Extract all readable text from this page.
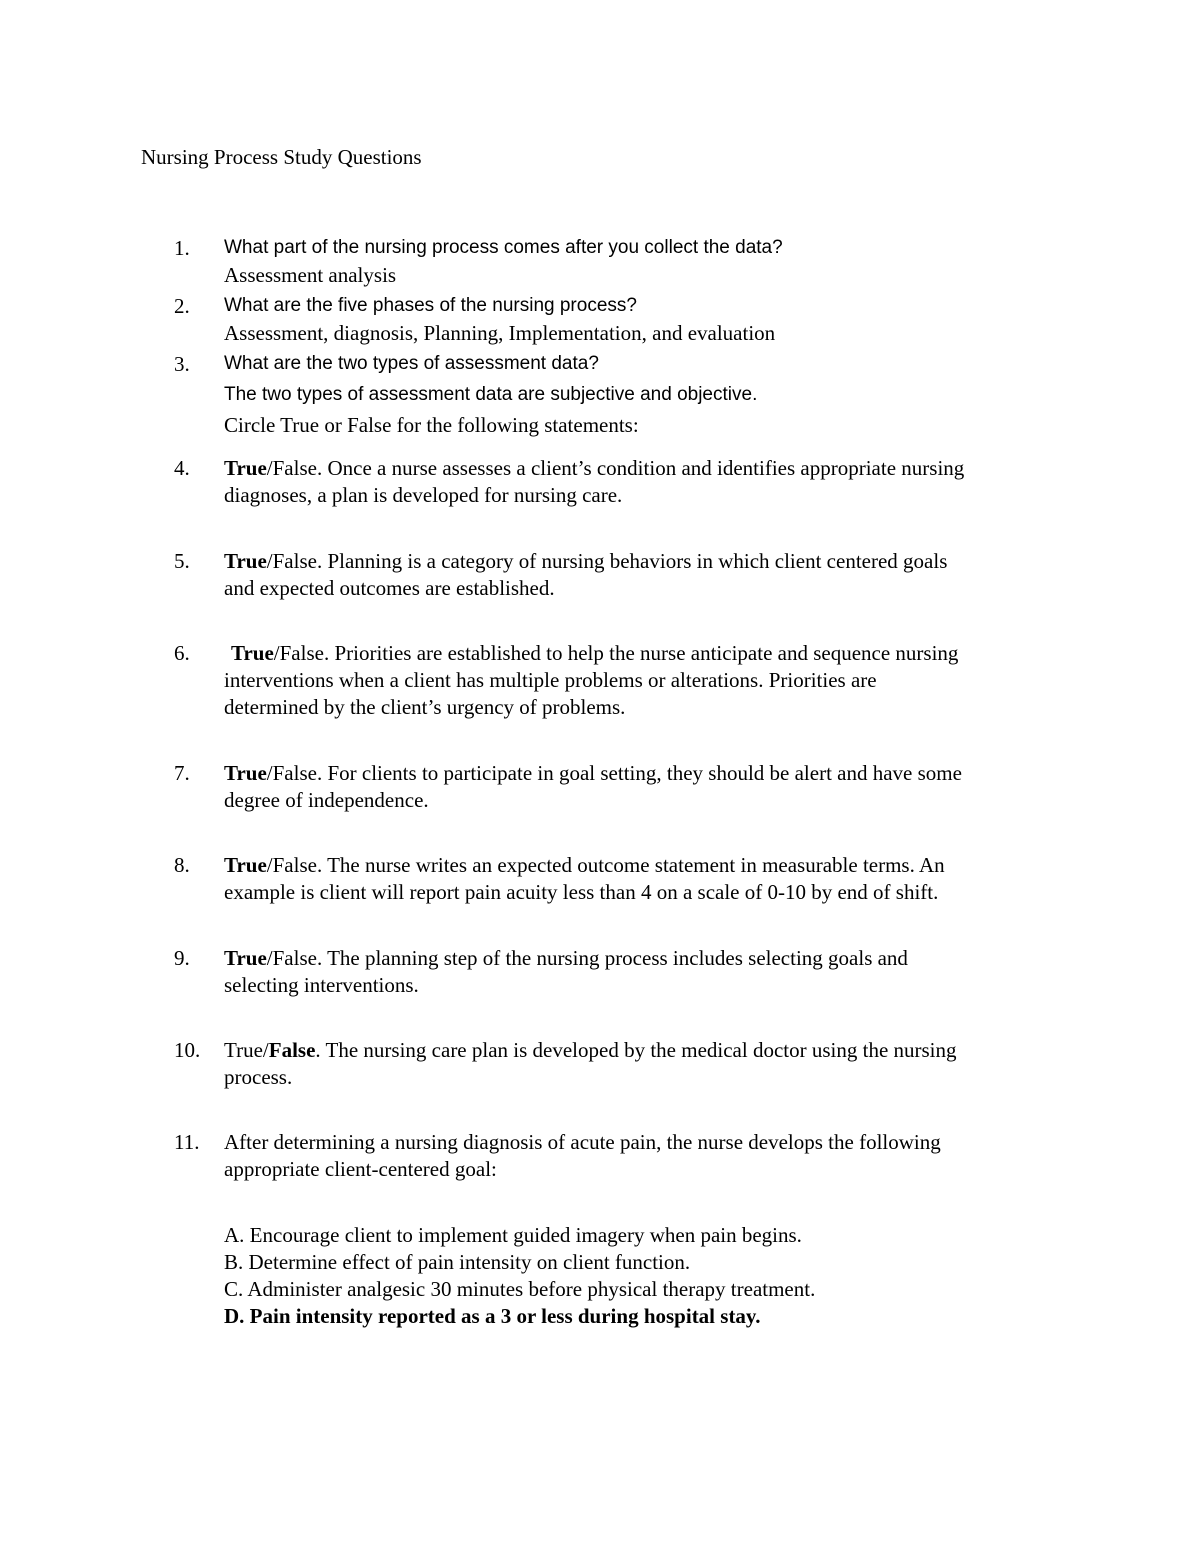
Nursing Process Study Questions
1. What part of the nursing process comes after you collect the data?
Assessment analysis
2. What are the five phases of the nursing process?
Assessment, diagnosis, Planning, Implementation, and evaluation
3. What are the two types of assessment data?
The two types of assessment data are subjective and objective.
Circle True or False for the following statements:
4. True/False. Once a nurse assesses a client’s condition and identifies appropriate nursing
diagnoses, a plan is developed for nursing care.
5. True/False. Planning is a category of nursing behaviors in which client centered goals
and expected outcomes are established.
6. True/False. Priorities are established to help the nurse anticipate and sequence nursing
interventions when a client has multiple problems or alterations. Priorities are
determined by the client’s urgency of problems.
7. True/False. For clients to participate in goal setting, they should be alert and have some
degree of independence.
8. True/False. The nurse writes an expected outcome statement in measurable terms. An
example is client will report pain acuity less than 4 on a scale of 0-10 by end of shift.
9. True/False. The planning step of the nursing process includes selecting goals and
selecting interventions.
10. True/False. The nursing care plan is developed by the medical doctor using the nursing
process.
11. After determining a nursing diagnosis of acute pain, the nurse develops the following
appropriate client-centered goal:
A. Encourage client to implement guided imagery when pain begins.
B. Determine effect of pain intensity on client function.
C. Administer analgesic 30 minutes before physical therapy treatment.
D. Pain intensity reported as a 3 or less during hospital stay.
